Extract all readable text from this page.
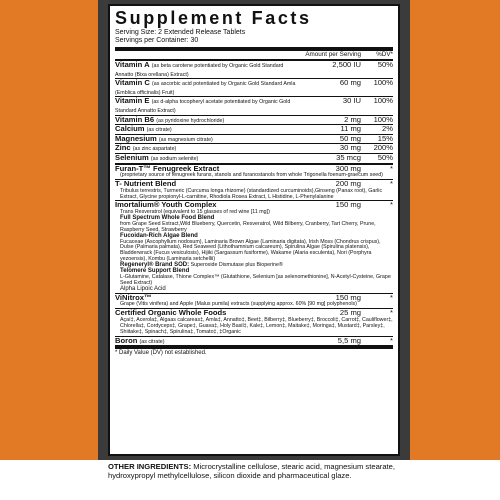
Supplement Facts
Serving Size: 2 Extended Release Tablets
Servings per Container: 30
Amount per Serving	%DV*
Vitamin A (as beta carotene potentiated by Organic Gold Standard Annatto (Bixa orellana) Extract)
2,500 IU	50%
Vitamin C (as ascorbic acid potentiated by Organic Gold Standard Amla (Emblica officinalis) Fruit)
60 mg	100%
Vitamin E (as d-alpha tocopheryl acetate potentiated by Organic Gold Standard Annatto Extract)
30 IU	100%
Vitamin B6 (as pyridoxine hydrochloride)	2 mg	100%
Calcium (as citrate)	11 mg	2%
Magnesium (as magnesium citrate)	50 mg	15%
Zinc (as zinc aspartate)	30 mg	200%
Selenium (as sodium selenite)	35 mcg	50%
Furan-T™ Fenugreek Extract	300 mg	*
(proprietary source of fenugreek furans, stanols and furanostanols from whole Trigonella foenum-graecum seed)
T- Nutrient Blend	200 mg	*
Tribulus terrestris, Turmeric (Curcuma longa rhizome) (standardized curcuminoids),Ginseng (Panax root), Garlic Extract, Glycine propionyl-L-carnitine, Rhodiola Rosea Extract, L Histidine, L-Phenylalanine
Imortalium® Youth Complex	150 mg	*
Trans Resveratrol (equivalent to 15 glasses of red wine [11 mg])
Full Spectrum Whole Food Blend
from Grape Seed Extract,Wild Blueberry, Quercetin, Resveratrol, Wild Bilberry, Cranberry, Tart Cherry, Prune, Raspberry Seed, Strawberry
Fucoidan-Rich Algae Blend
Fucaceae (Ascophyllum nodosum), Laminaria Brown Algae (Laminaria digitata), Irish Moss (Chondrus crispus), Dulse (Palmaria palmata), Red Seaweed (Lithothamnium calcareum), Spirulina Algae (Spirulina platensis), Bladderwrack (Fucus vesiculosis), Hijiki (Sargassum fusiforme), Wakame (Alaria esculenta), Nori (Porphyra yezoensis), Kombu (Laminaria setchellii)
Regeneryl® Brand SOD: Superoxide Dismutase plus Bioperine®
Telomere Support Blend
L-Glutamine, Catalase, Thione Complex™ (Glutathione, Selenium [as selenomethionine], N-Acetyl-Cysteine, Grape Seed Extract)
Alpha Lipoic Acid
ViNitrox™	150 mg	*
Grape (Vitis vinifera) and Apple (Malus pumila) extracts (supplying approx. 60% [90 mg] polyphenols)
Certified Organic Whole Foods	25 mg	*
Açaí‡, Acerola‡, Algaas calcareas‡, Amla‡, Annatto‡, Beet‡, Bilberry‡, Blueberry‡, Broccoli‡, Carrot‡, Cauliflower‡, Chlorella‡, Cordyceps‡, Grape‡, Guava‡, Holy Basil‡, Kale‡, Lemon‡, Maitake‡, Moringa‡, Mustard‡, Parsley‡, Shiitake‡, Spinach‡, Spirulina‡, Tomato‡, ‡Organic
Boron (as citrate)	5,5 mg	*
* Daily Value (DV) not established.
OTHER INGREDIENTS: Microcrystalline cellulose, stearic acid, magnesium stearate, hydroxypropyl methylcellulose, silicon dioxide and pharmaceutical glaze.
